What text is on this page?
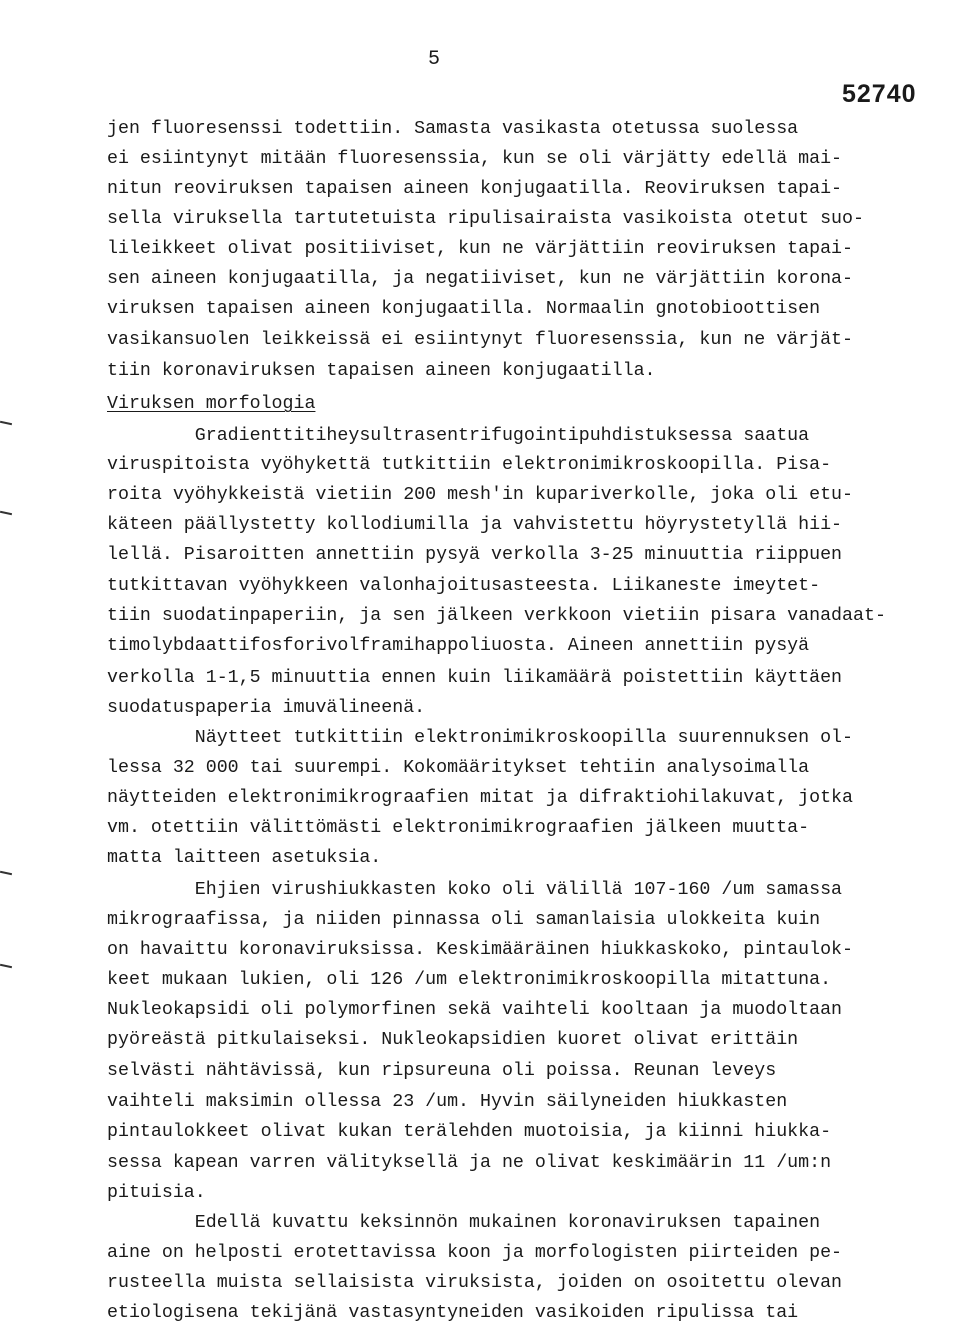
5
52740
jen fluoresenssi todettiin. Samasta vasikasta otetussa suolessa
ei esiintynyt mitään fluoresenssia, kun se oli värjätty edellä mai-
nitun reoviruksen tapaisen aineen konjugaatilla. Reoviruksen tapai-
sella viruksella tartutetuista ripulisairaista vasikoista otetut suo-
lileikkeet olivat positiiviset, kun ne värjättiin reoviruksen tapai-
sen aineen konjugaatilla, ja negatiiviset, kun ne värjättiin korona-
viruksen tapaisen aineen konjugaatilla. Normaalin gnotobioottisen
vasikansuolen leikkeissä ei esiintynyt fluoresenssia, kun ne värjät-
tiin koronaviruksen tapaisen aineen konjugaatilla.
Viruksen morfologia
Gradienttitiheysultrasentrifugointipuhdistuksessa saatua
viruspitoista vyöhykettä tutkittiin elektronimikroskoopilla. Pisa-
roita vyöhykkeistä vietiin 200 mesh'in kupariverkolle, joka oli etu-
käteen päällystetty kollodiumilla ja vahvistettu höyrystetyllä hii-
lellä. Pisaroitten annettiin pysyä verkolla 3-25 minuuttia riippuen
tutkittavan vyöhykkeen valonhajoitusasteesta. Liikaneste imeytet-
tiin suodatinpaperiin, ja sen jälkeen verkkoon vietiin pisara vanadaat-
timolybdaattifosforivolframihappoliuosta. Aineen annettiin pysyä
verkolla 1-1,5 minuuttia ennen kuin liikamäärä poistettiin käyttäen
suodatuspaperia imuvälineenä.
Näytteet tutkittiin elektronimikroskoopilla suurennuksen ol-
lessa 32 000 tai suurempi. Kokomääritykset tehtiin analysoimalla
näytteiden elektronimikrograafien mitat ja difraktiohilakuvat, jotka
vm. otettiin välittömästi elektronimikrograafien jälkeen muutta-
matta laitteen asetuksia.
Ehjien virushiukkasten koko oli välillä 107-160 /um samassa
mikrograafissa, ja niiden pinnassa oli samanlaisia ulokkeita kuin
on havaittu koronaviruksissa. Keskimääräinen hiukkaskoko, pintaulok-
keet mukaan lukien, oli 126 /um elektronimikroskoopilla mitattuna.
Nukleokapsidi oli polymorfinen sekä vaihteli kooltaan ja muodoltaan
pyöreästä pitkulaiseksi. Nukleokapsidien kuoret olivat erittäin
selvästi nähtävissä, kun ripsureuna oli poissa. Reunan leveys
vaihteli maksimin ollessa 23 /um. Hyvin säilyneiden hiukkasten
pintaulokkeet olivat kukan terälehden muotoisia, ja kiinni hiukka-
sessa kapean varren välityksellä ja ne olivat keskimäärin 11 /um:n
pituisia.
Edellä kuvattu keksinnön mukainen koronaviruksen tapainen
aine on helposti erotettavissa koon ja morfologisten piirteiden pe-
rusteella muista sellaisista viruksista, joiden on osoitettu olevan
etiologisena tekijänä vastasyntyneiden vasikoiden ripulissa tai
